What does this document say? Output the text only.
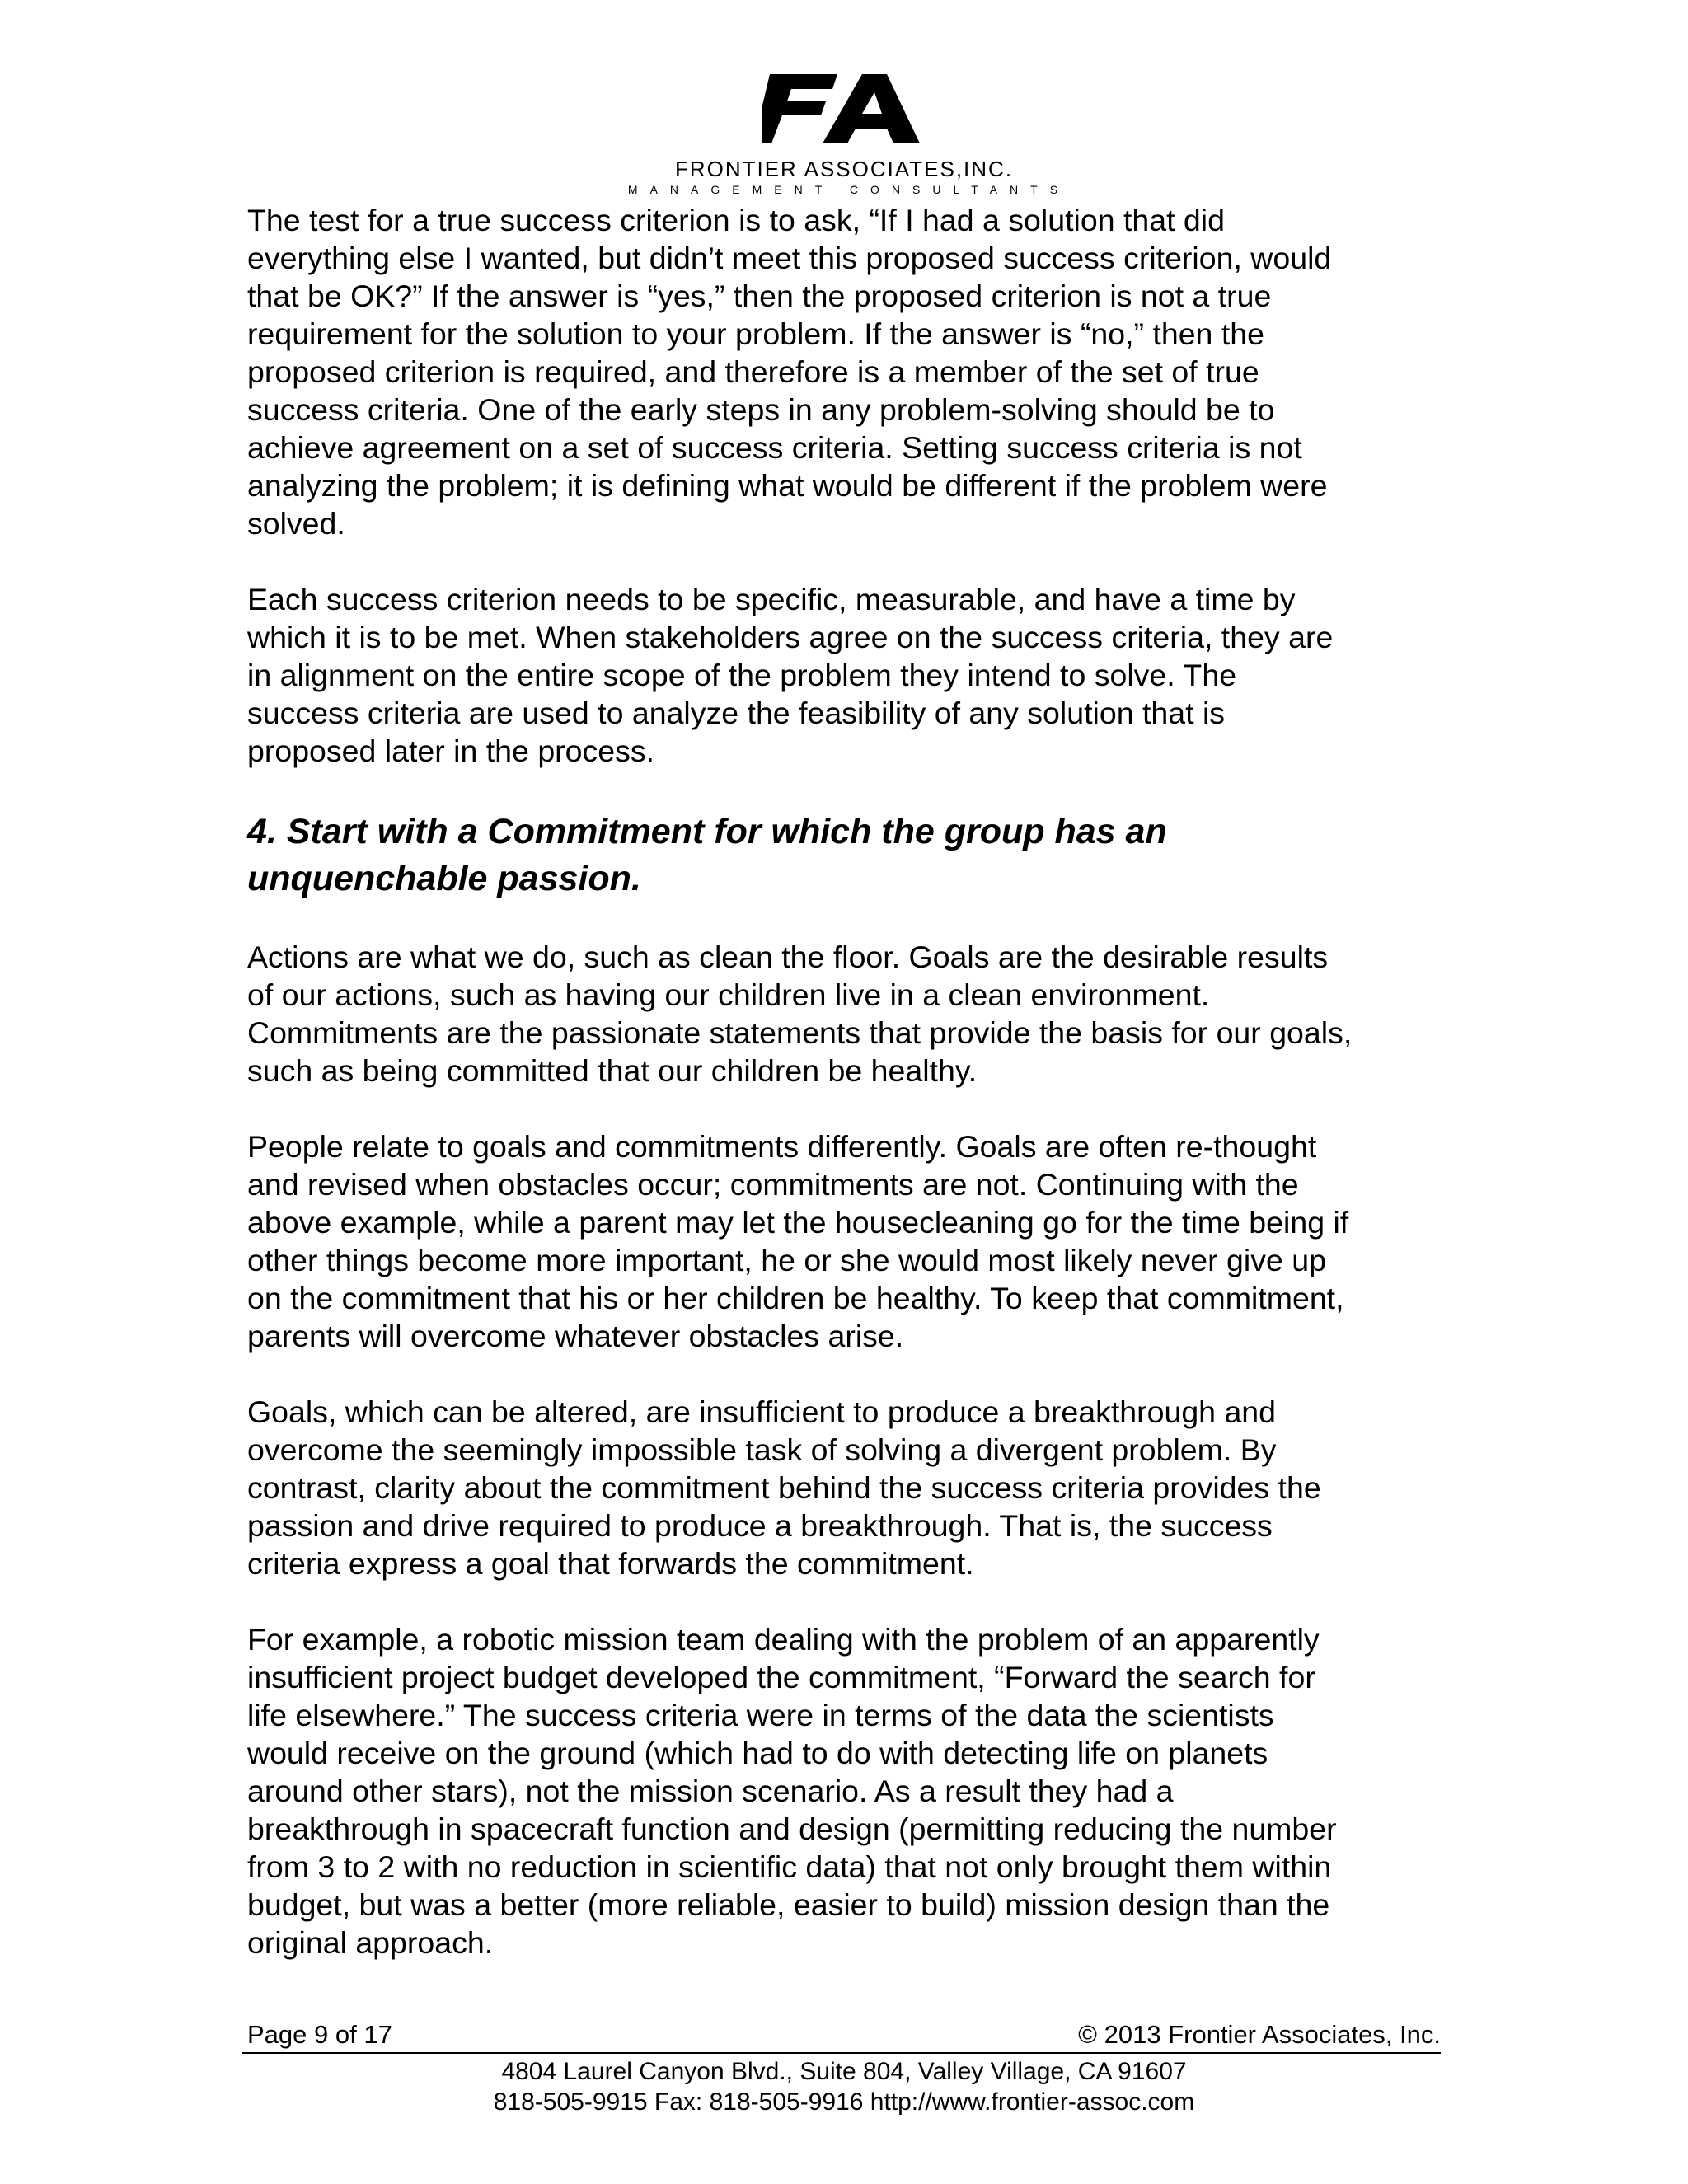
FRONTIER ASSOCIATES,INC.
MANAGEMENT CONSULTANTS

The test for a true success criterion is to ask, “If I had a solution that did
everything else I wanted, but didn’t meet this proposed success criterion, would
that be OK?” If the answer is “yes,” then the proposed criterion is not a true
requirement for the solution to your problem. If the answer is “no,” then the
proposed criterion is required, and therefore is a member of the set of true
success criteria. One of the early steps in any problem-solving should be to
achieve agreement on a set of success criteria. Setting success criteria is not
analyzing the problem; it is defining what would be different if the problem were
solved.

Each success criterion needs to be specific, measurable, and have a time by
which it is to be met. When stakeholders agree on the success criteria, they are
in alignment on the entire scope of the problem they intend to solve. The
success criteria are used to analyze the feasibility of any solution that is
proposed later in the process.

4. Start with a Commitment for which the group has an
unquenchable passion.

Actions are what we do, such as clean the floor. Goals are the desirable results
of our actions, such as having our children live in a clean environment.
Commitments are the passionate statements that provide the basis for our goals,
such as being committed that our children be healthy.

People relate to goals and commitments differently. Goals are often re-thought
and revised when obstacles occur; commitments are not. Continuing with the
above example, while a parent may let the housecleaning go for the time being if
other things become more important, he or she would most likely never give up
on the commitment that his or her children be healthy. To keep that commitment,
parents will overcome whatever obstacles arise.

Goals, which can be altered, are insufficient to produce a breakthrough and
overcome the seemingly impossible task of solving a divergent problem. By
contrast, clarity about the commitment behind the success criteria provides the
passion and drive required to produce a breakthrough. That is, the success
criteria express a goal that forwards the commitment.

For example, a robotic mission team dealing with the problem of an apparently
insufficient project budget developed the commitment, “Forward the search for
life elsewhere.” The success criteria were in terms of the data the scientists
would receive on the ground (which had to do with detecting life on planets
around other stars), not the mission scenario. As a result they had a
breakthrough in spacecraft function and design (permitting reducing the number
from 3 to 2 with no reduction in scientific data) that not only brought them within
budget, but was a better (more reliable, easier to build) mission design than the
original approach.

Page 9 of 17	© 2013 Frontier Associates, Inc.
4804 Laurel Canyon Blvd., Suite 804, Valley Village, CA 91607
818-505-9915 Fax: 818-505-9916 http://www.frontier-assoc.com
